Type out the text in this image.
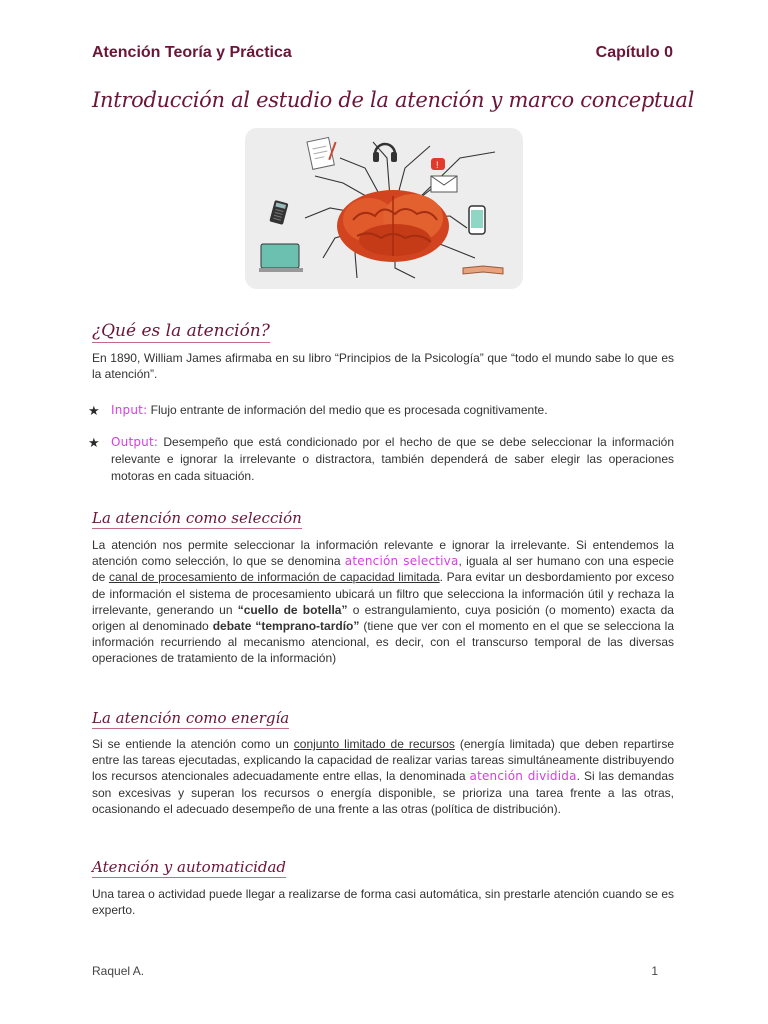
Atención Teoría y Práctica	Capítulo 0
Introducción al estudio de la atención y marco conceptual
!
¿Qué es la atención?
En 1890, William James afirmaba en su libro “Principios de la Psicología” que “todo el mundo sabe lo que es la atención”.
★ Input: Flujo entrante de información del medio que es procesada cognitivamente.
★ Output: Desempeño que está condicionado por el hecho de que se debe seleccionar la información relevante e ignorar la irrelevante o distractora, también dependerá de saber elegir las operaciones motoras en cada situación.
La atención como selección
La atención nos permite seleccionar la información relevante e ignorar la irrelevante. Si entendemos la atención como selección, lo que se denomina atención selectiva, iguala al ser humano con una especie de canal de procesamiento de información de capacidad limitada. Para evitar un desbordamiento por exceso de información el sistema de procesamiento ubicará un filtro que selecciona la información útil y rechaza la irrelevante, generando un “cuello de botella” o estrangulamiento, cuya posición (o momento) exacta da origen al denominado debate “temprano-tardío” (tiene que ver con el momento en el que se selecciona la información recurriendo al mecanismo atencional, es decir, con el transcurso temporal de las diversas operaciones de tratamiento de la información)
La atención como energía
Si se entiende la atención como un conjunto limitado de recursos (energía limitada) que deben repartirse entre las tareas ejecutadas, explicando la capacidad de realizar varias tareas simultáneamente distribuyendo los recursos atencionales adecuadamente entre ellas, la denominada atención dividida. Si las demandas son excesivas y superan los recursos o energía disponible, se prioriza una tarea frente a las otras, ocasionando el adecuado desempeño de una frente a las otras (política de distribución).
Atención y automaticidad
Una tarea o actividad puede llegar a realizarse de forma casi automática, sin prestarle atención cuando se es experto.
Raquel A.	1
